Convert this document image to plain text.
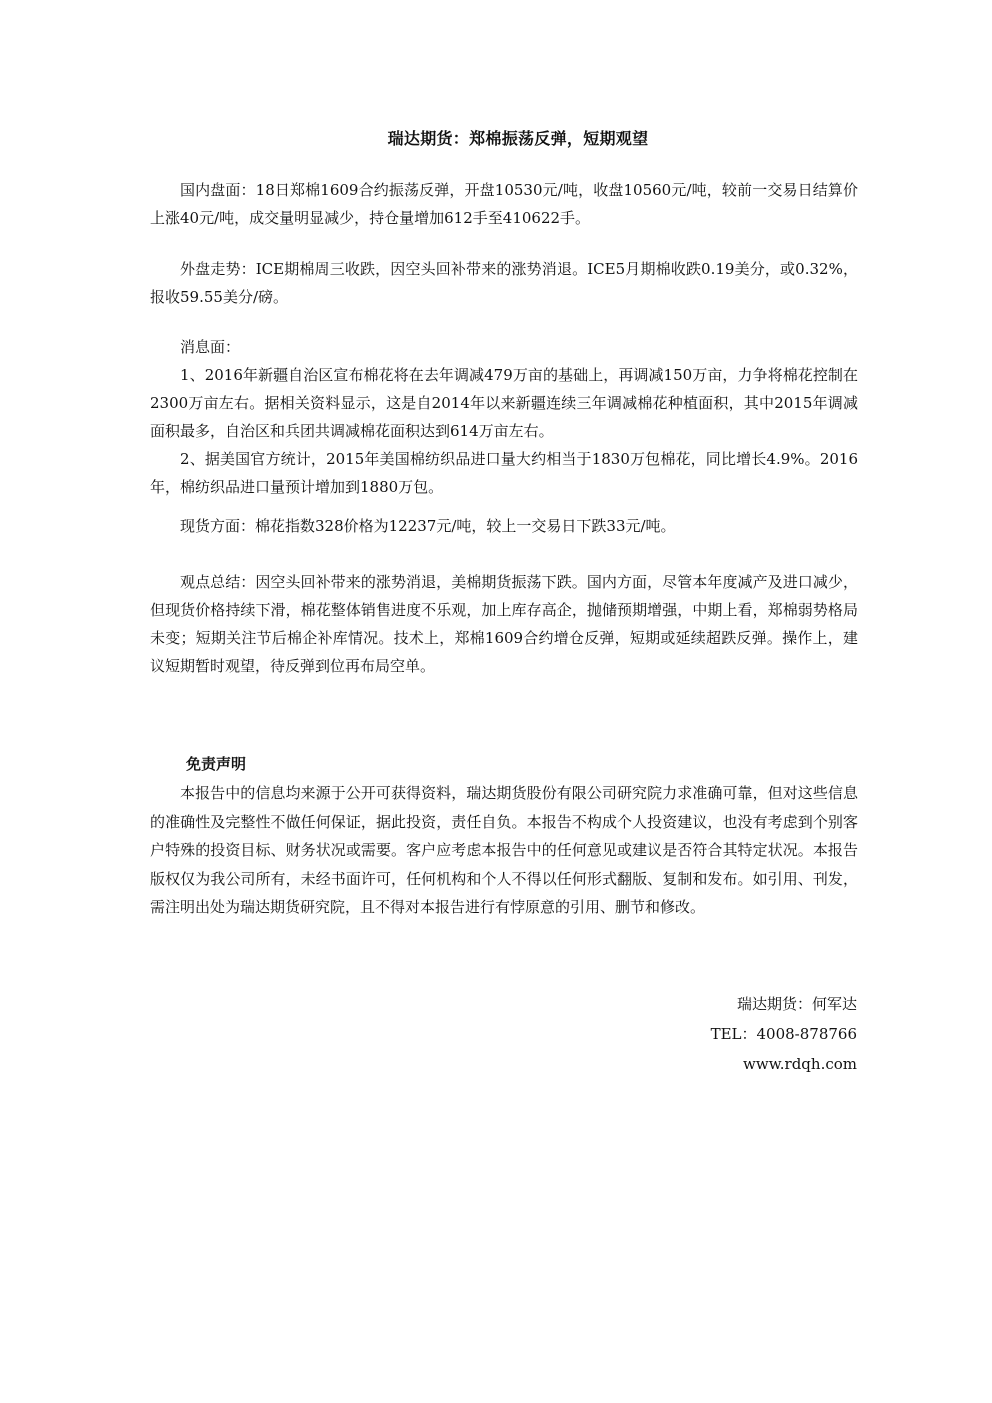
瑞达期货：郑棉振荡反弹，短期观望

国内盘面：18日郑棉1609合约振荡反弹，开盘10530元/吨，收盘10560元/吨，较前一交易日结算价上涨40元/吨，成交量明显减少，持仓量增加612手至410622手。

外盘走势：ICE期棉周三收跌，因空头回补带来的涨势消退。ICE5月期棉收跌0.19美分，或0.32%，报收59.55美分/磅。

消息面：

1、2016年新疆自治区宣布棉花将在去年调减479万亩的基础上，再调减150万亩，力争将棉花控制在2300万亩左右。据相关资料显示，这是自2014年以来新疆连续三年调减棉花种植面积，其中2015年调减面积最多，自治区和兵团共调减棉花面积达到614万亩左右。

2、据美国官方统计，2015年美国棉纺织品进口量大约相当于1830万包棉花，同比增长4.9%。2016年，棉纺织品进口量预计增加到1880万包。

现货方面：棉花指数328价格为12237元/吨，较上一交易日下跌33元/吨。

观点总结：因空头回补带来的涨势消退，美棉期货振荡下跌。国内方面，尽管本年度减产及进口减少，但现货价格持续下滑，棉花整体销售进度不乐观，加上库存高企，抛储预期增强，中期上看，郑棉弱势格局未变；短期关注节后棉企补库情况。技术上，郑棉1609合约增仓反弹，短期或延续超跌反弹。操作上，建议短期暂时观望，待反弹到位再布局空单。

免责声明

本报告中的信息均来源于公开可获得资料，瑞达期货股份有限公司研究院力求准确可靠，但对这些信息的准确性及完整性不做任何保证，据此投资，责任自负。本报告不构成个人投资建议，也没有考虑到个别客户特殊的投资目标、财务状况或需要。客户应考虑本报告中的任何意见或建议是否符合其特定状况。本报告版权仅为我公司所有，未经书面许可，任何机构和个人不得以任何形式翻版、复制和发布。如引用、刊发，需注明出处为瑞达期货研究院，且不得对本报告进行有悖原意的引用、删节和修改。

瑞达期货：何军达
TEL：4008-878766
www.rdqh.com
